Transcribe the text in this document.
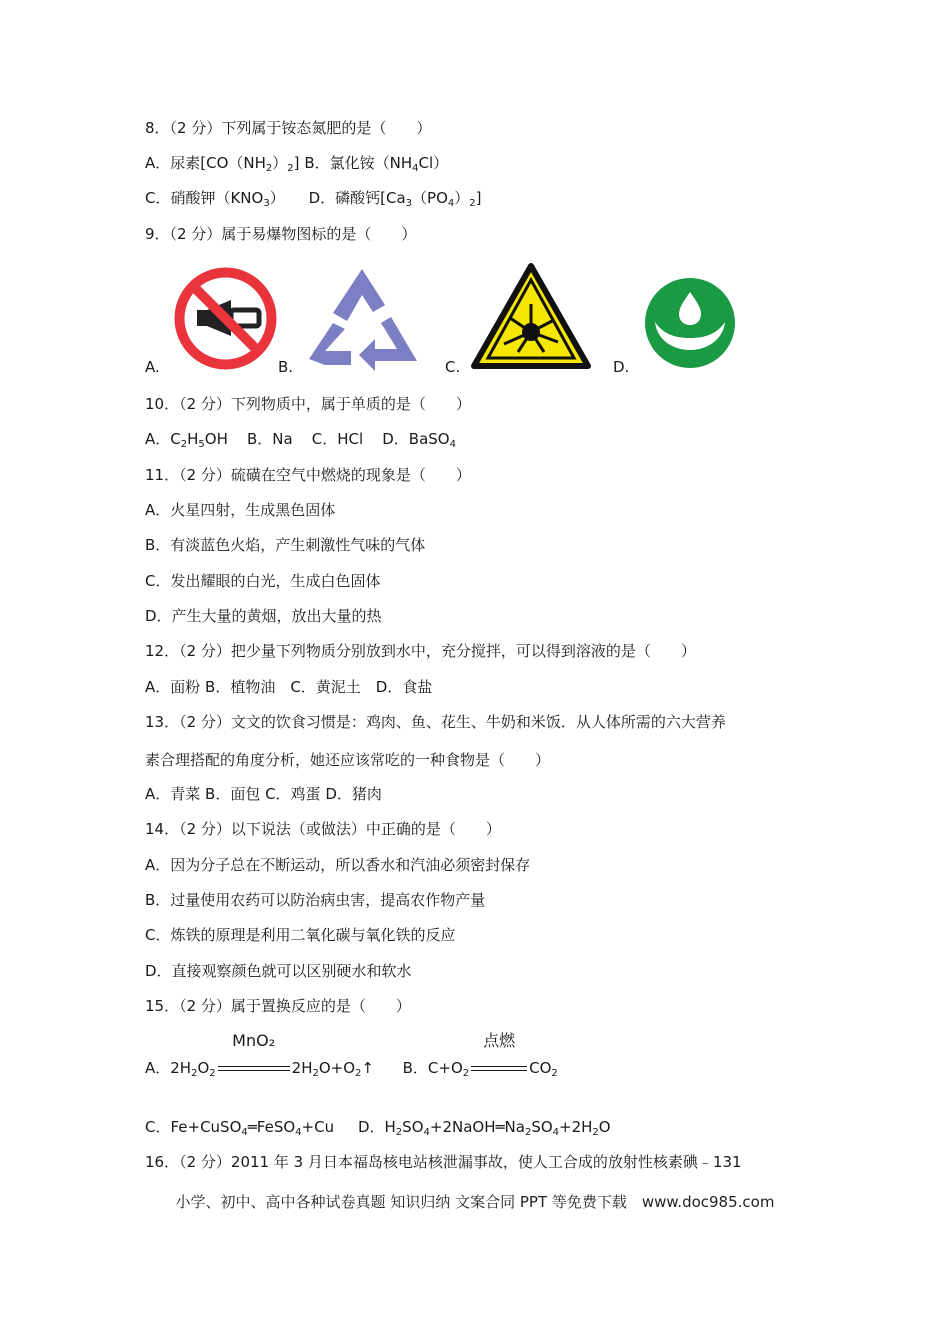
8．（2 分）下列属于铵态氮肥的是（　　）
A．尿素$[CO(NH_2)_2]$ B．氯化铵$(NH_4Cl)$
C．硝酸钾$(KNO_3)$ D．磷酸钙$[Ca_3(PO_4)_2]$
9．（2 分）属于易爆物图标的是（　　）
A.	B.	C.	D.
10．（2 分）下列物质中，属于单质的是（　　）
A．$C_2H_5OH$ B．Na C．HCl D．BaSO$_4$
11．（2 分）硫磺在空气中燃烧的现象是（　　）
A．火星四射，生成黑色固体
B．有淡蓝色火焰，产生刺激性气味的气体
C．发出耀眼的白光，生成白色固体
D．产生大量的黄烟，放出大量的热
12．（2 分）把少量下列物质分别放到水中，充分搅拌，可以得到溶液的是（　　）
A．面粉 B．植物油　C．黄泥土　D．食盐
13．（2 分）文文的饮食习惯是：鸡肉、鱼、花生、牛奶和米饭．从人体所需的六大营养
素合理搭配的角度分析，她还应该常吃的一种食物是（　　）
A．青菜 B．面包 C．鸡蛋 D．猪肉
14．（2 分）以下说法（或做法）中正确的是（　　）
A．因为分子总在不断运动，所以香水和汽油必须密封保存
B．过量使用农药可以防治病虫害，提高农作物产量
C．炼铁的原理是利用二氧化碳与氧化铁的反应
D．直接观察颜色就可以区别硬水和软水
15．（2 分）属于置换反应的是（　　）
A．$2H_2O_2$
MnO₂
$2H_2O+O_2↑$ B．$C+O_2$
点燃
$CO_2$
C．Fe+CuSO$_4$═FeSO$_4$+Cu D．$H_2SO_4+2NaOH═Na_2SO_4+2H_2O$
16．（2 分）2011 年 3 月日本福岛核电站核泄漏事故，使人工合成的放射性核素碘﹣131
小学、初中、高中各种试卷真题 知识归纳 文案合同 PPT 等免费下载　www.doc985.com
